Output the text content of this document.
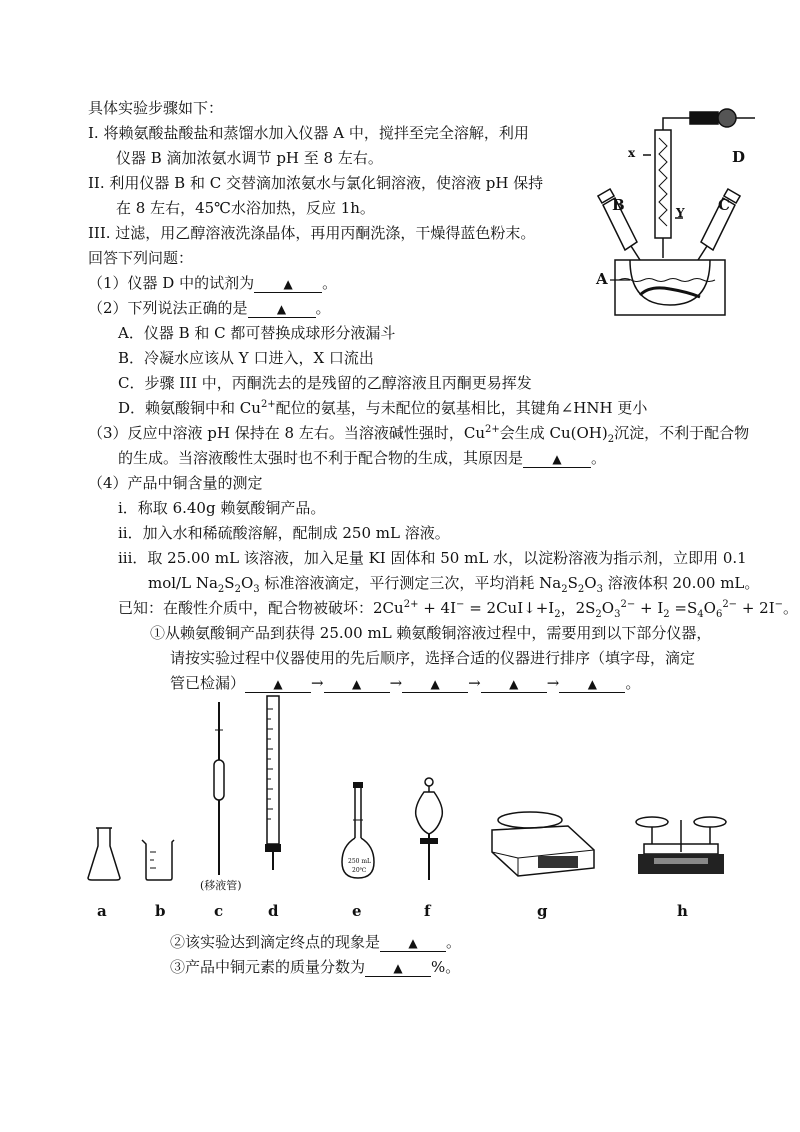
具体实验步骤如下：
I. 将赖氨酸盐酸盐和蒸馏水加入仪器 A 中，搅拌至完全溶解，利用
仪器 B 滴加浓氨水调节 pH 至 8 左右。
II. 利用仪器 B 和 C 交替滴加浓氨水与氯化铜溶液，使溶液 pH 保持
在 8 左右，45℃水浴加热，反应 1h。
III. 过滤，用乙醇溶液洗涤晶体，再用丙酮洗涤，干燥得蓝色粉末。
回答下列问题：
（1）仪器 D 中的试剂为 ▲ 。
（2）下列说法正确的是 ▲ 。
A．仪器 B 和 C 都可替换成球形分液漏斗
B．冷凝水应该从 Y 口进入，X 口流出
C．步骤 III 中，丙酮洗去的是残留的乙醇溶液且丙酮更易挥发
D．赖氨酸铜中和 $Cu^{2+}$配位的氨基，与未配位的氨基相比，其键角∠HNH 更小
（3）反应中溶液 pH 保持在 8 左右。当溶液碱性强时，$Cu^{2+}$会生成 $Cu(OH)_2$沉淀，不利于配合物
的生成。当溶液酸性太强时也不利于配合物的生成，其原因是 ▲ 。
（4）产品中铜含量的测定
i．称取 6.40g 赖氨酸铜产品。
ii．加入水和稀硫酸溶解，配制成 250 mL 溶液。
iii．取 25.00 mL 该溶液，加入足量 KI 固体和 50 mL 水，以淀粉溶液为指示剂，立即用 0.1
mol/L $Na_2S_2O_3$ 标准溶液滴定，平行测定三次，平均消耗 $Na_2S_2O_3$ 溶液体积 20.00 mL。
已知：在酸性介质中，配合物被破坏：$2Cu^{2+} + 4I^-$ = $2CuI↓+I_2$，$2S_2O_3^{2-} + I_2 =S_4O_6^{2-} + 2I^-$。
①从赖氨酸铜产品到获得 25.00 mL 赖氨酸铜溶液过程中，需要用到以下部分仪器，
请按实验过程中仪器使用的先后顺序，选择合适的仪器进行排序（填字母，滴定
管已检漏） ▲ → ▲ → ▲ → ▲ → ▲ 。
②该实验达到滴定终点的现象是 ▲ 。
③产品中铜元素的质量分数为 ▲ %。
B	C
D
A
x
Y
(移液管)
250 mL
20℃
a	b	c	d	e	f	g	h
